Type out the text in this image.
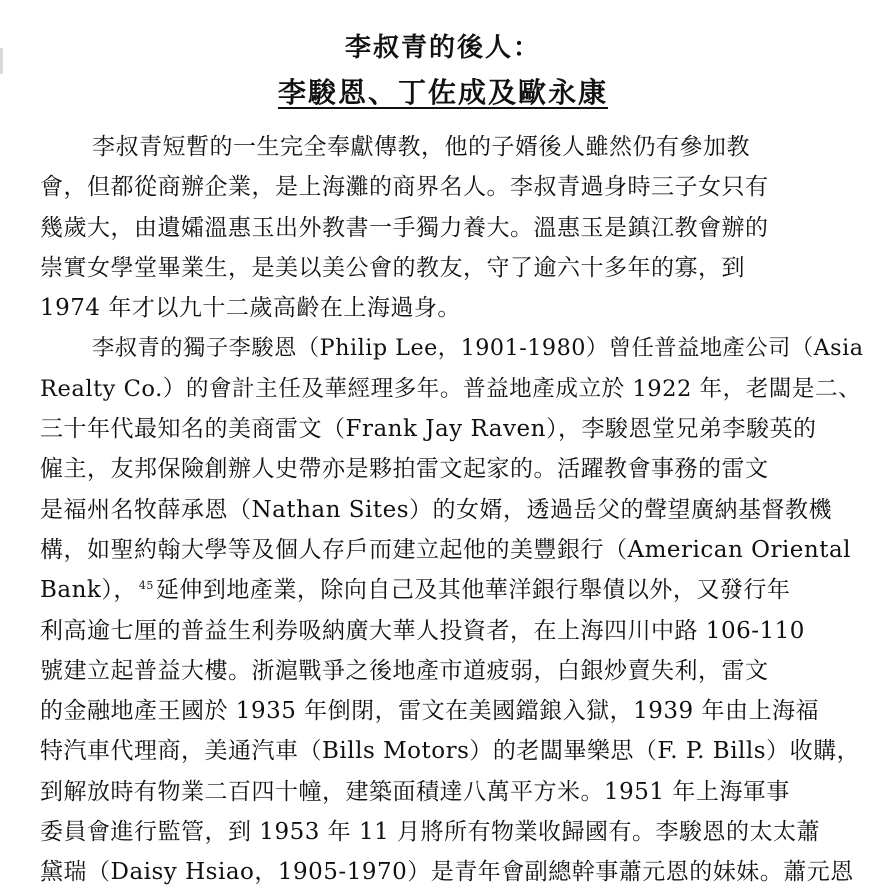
李叔青的後人：
李駿恩、丁佐成及歐永康
李叔青短暫的一生完全奉獻傳教，他的子婿後人雖然仍有參加教
會，但都從商辦企業，是上海灘的商界名人。李叔青過身時三子女只有
幾歲大，由遺孀溫惠玉出外教書一手獨力養大。溫惠玉是鎮江教會辦的
崇實女學堂畢業生，是美以美公會的教友，守了逾六十多年的寡，到
1974 年才以九十二歲高齡在上海過身。
李叔青的獨子李駿恩（Philip Lee，1901-1980）曾任普益地產公司（Asia
Realty Co.）的會計主任及華經理多年。普益地產成立於 1922 年，老闆是二、
三十年代最知名的美商雷文（Frank Jay Raven），李駿恩堂兄弟李駿英的
僱主，友邦保險創辦人史帶亦是夥拍雷文起家的。活躍教會事務的雷文
是福州名牧薛承恩（Nathan Sites）的女婿，透過岳父的聲望廣納基督教機
構，如聖約翰大學等及個人存戶而建立起他的美豐銀行（American Oriental
Bank）， $^{45}$延伸到地產業，除向自己及其他華洋銀行舉債以外，又發行年
利高逾七厘的普益生利券吸納廣大華人投資者，在上海四川中路 106-110
號建立起普益大樓。浙滬戰爭之後地產市道疲弱，白銀炒賣失利，雷文
的金融地產王國於 1935 年倒閉，雷文在美國鐺鋃入獄，1939 年由上海福
特汽車代理商，美通汽車（Bills Motors）的老闆畢樂思（F. P. Bills）收購，
到解放時有物業二百四十幢，建築面積達八萬平方米。1951 年上海軍事
委員會進行監管，到 1953 年 11 月將所有物業收歸國有。李駿恩的太太蕭
黛瑞（Daisy Hsiao，1905-1970）是青年會副總幹事蕭元恩的妹妹。蕭元恩
